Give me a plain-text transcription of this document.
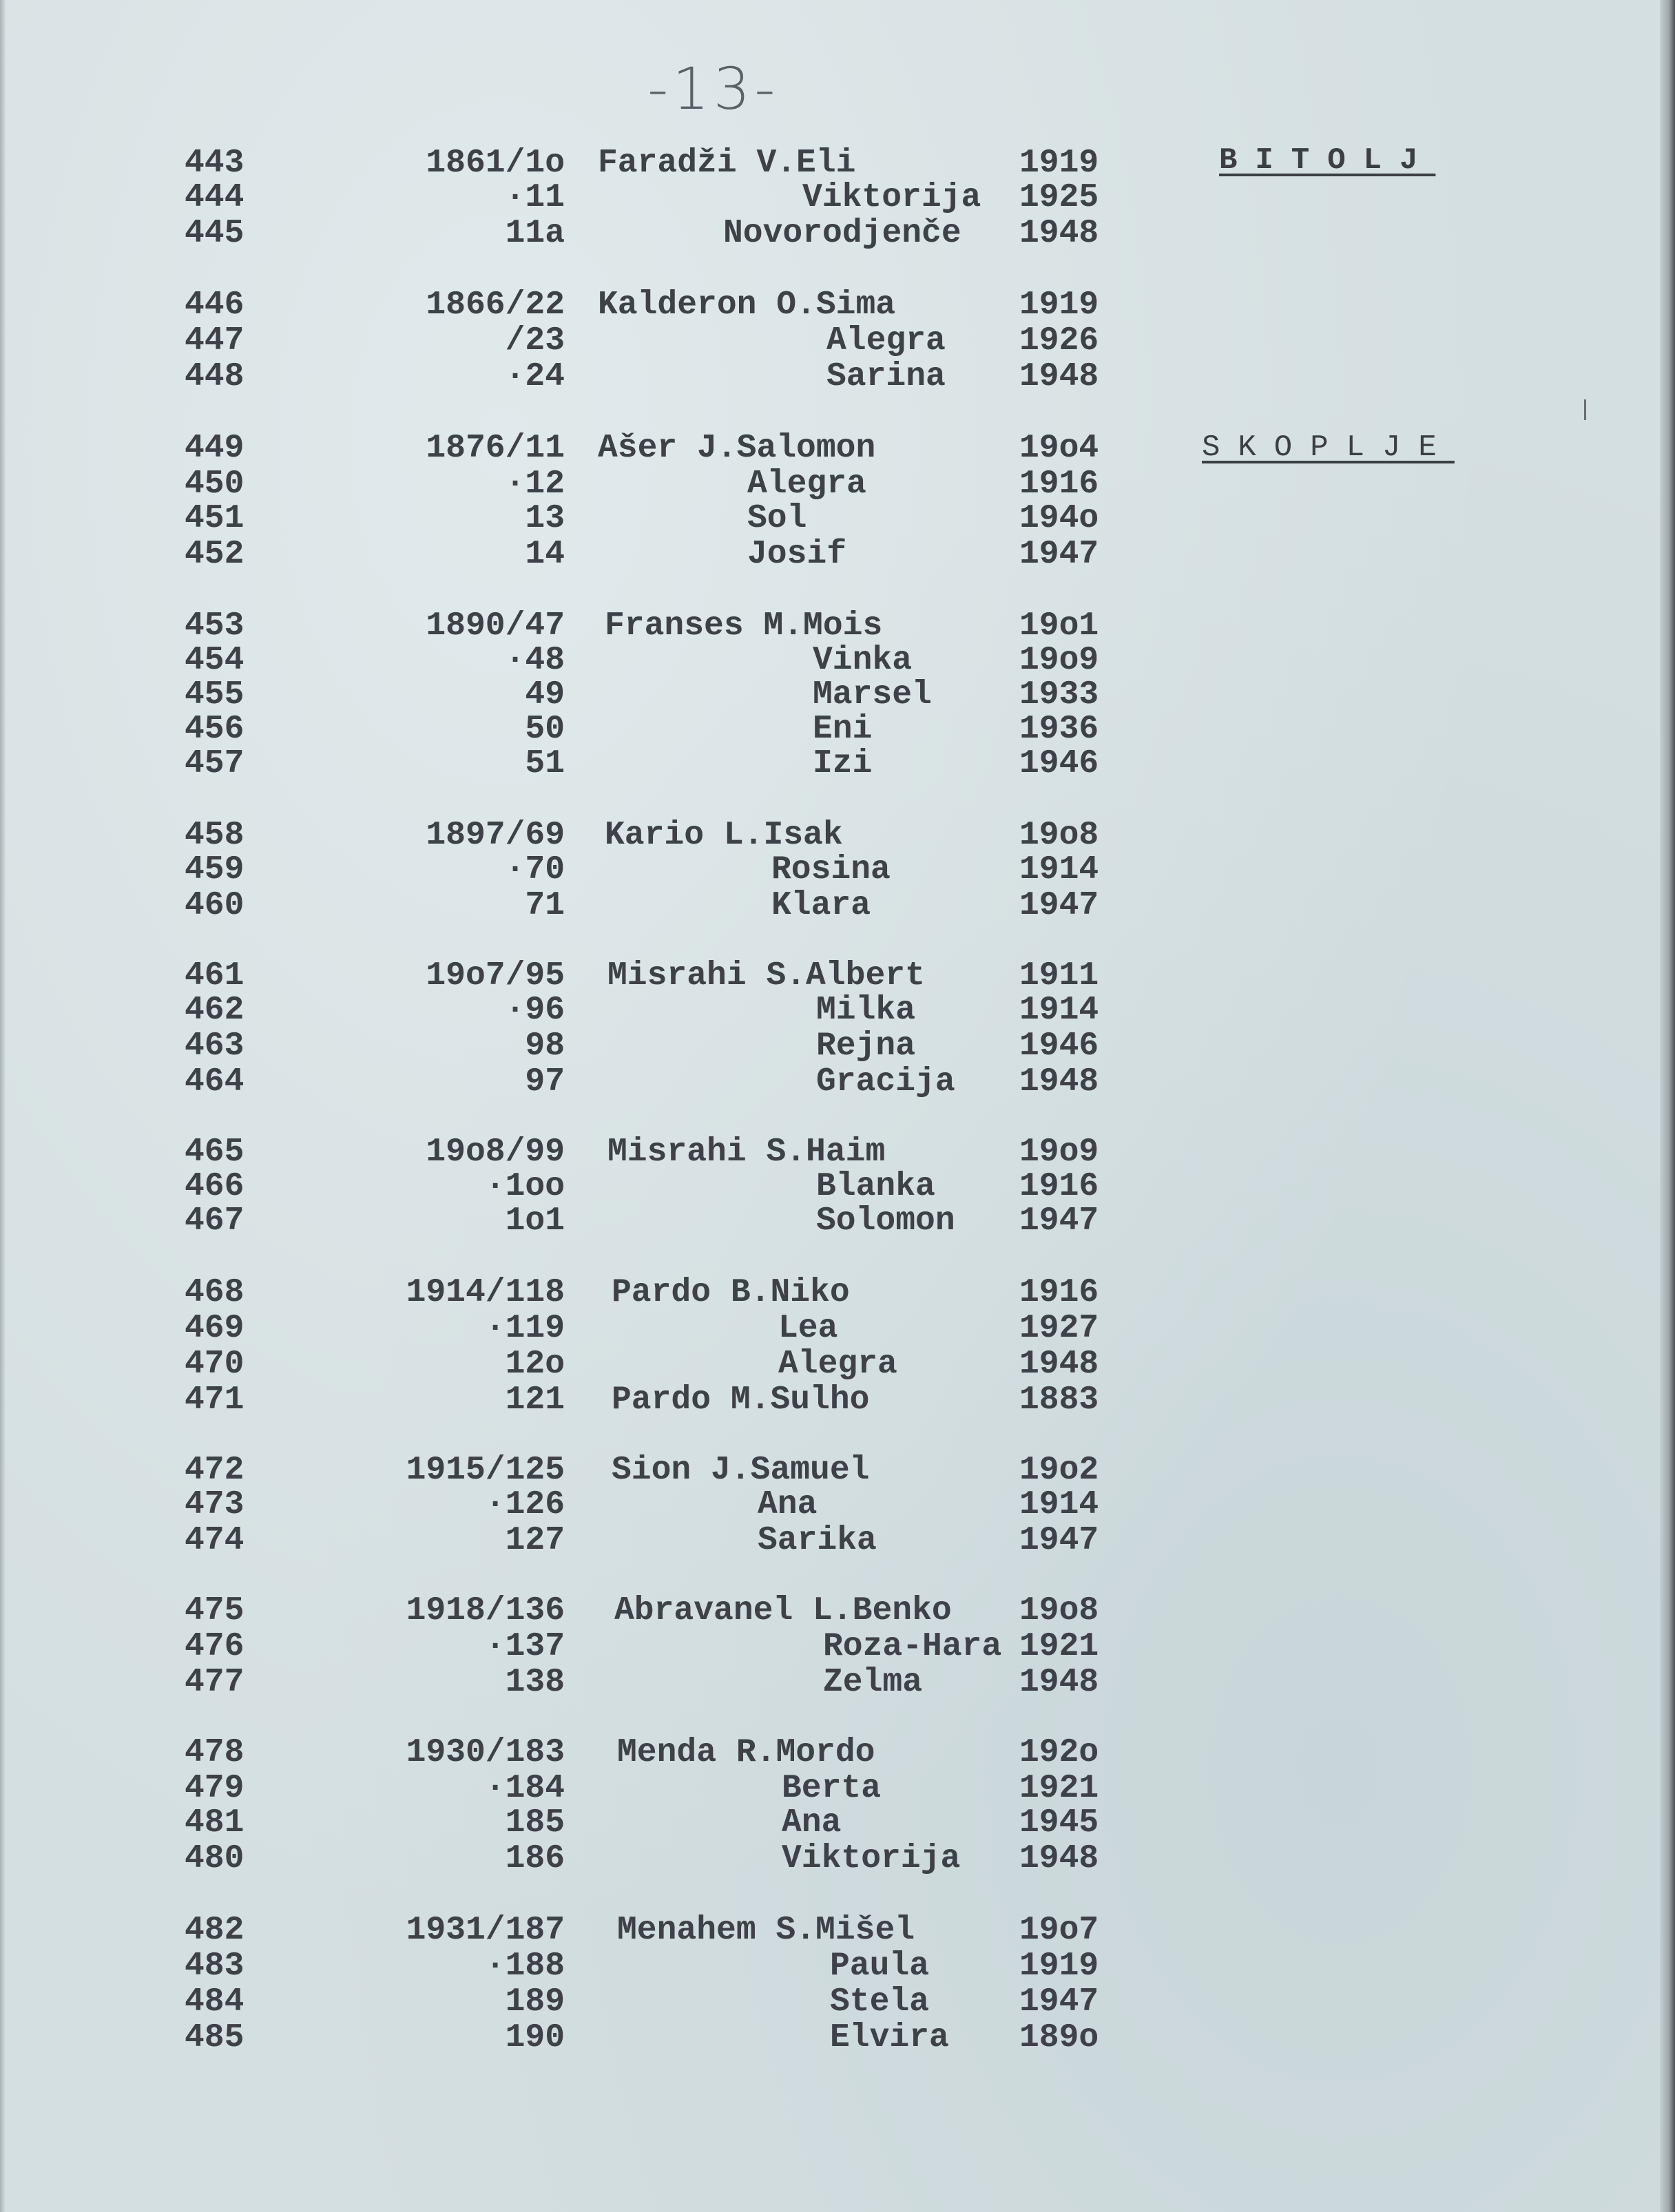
-13-
BITOLJ
SKOPLJE
443	1861/1o Faradži V.Eli	1919
444	·11	Viktorija 1925
445	11a	Novorodjenče 1948
446	1866/22 Kalderon O.Sima	1919
447	/23	Alegra 1926
448	·24	Sarina 1948
449	1876/11 Ašer J.Salomon	19o4
450	·12	Alegra	1916
451	13	Sol	194o
452	14	Josif	1947
453	1890/47 Franses M.Mois	19o1
454	·48	Vinka	19o9
455	49	Marsel	1933
456	50	Eni	1936
457	51	Izi	1946
458	1897/69 Kario L.Isak	19o8
459	·70	Rosina	1914
460	71	Klara	1947
461	19o7/95 Misrahi S.Albert	1911
462	·96	Milka	1914
463	98	Rejna	1946
464	97	Gracija 1948
465	19o8/99 Misrahi S.Haim	19o9
466	·1oo	Blanka	1916
467	1o1	Solomon 1947
468	1914/118 Pardo B.Niko	1916
469	·119	Lea	1927
470	12o	Alegra	1948
471	121 Pardo M.Sulho	1883
472	1915/125 Sion J.Samuel	19o2
473	·126	Ana	1914
474	127	Sarika	1947
475	1918/136 Abravanel L.Benko 19o8
476	·137	Roza-Hara 1921
477	138	Zelma	1948
478	1930/183 Menda R.Mordo	192o
479	·184	Berta	1921
481	185	Ana	1945
480	186	Viktorija 1948
482	1931/187 Menahem S.Mišel	19o7
483	·188	Paula	1919
484	189	Stela	1947
485	190	Elvira 189o
